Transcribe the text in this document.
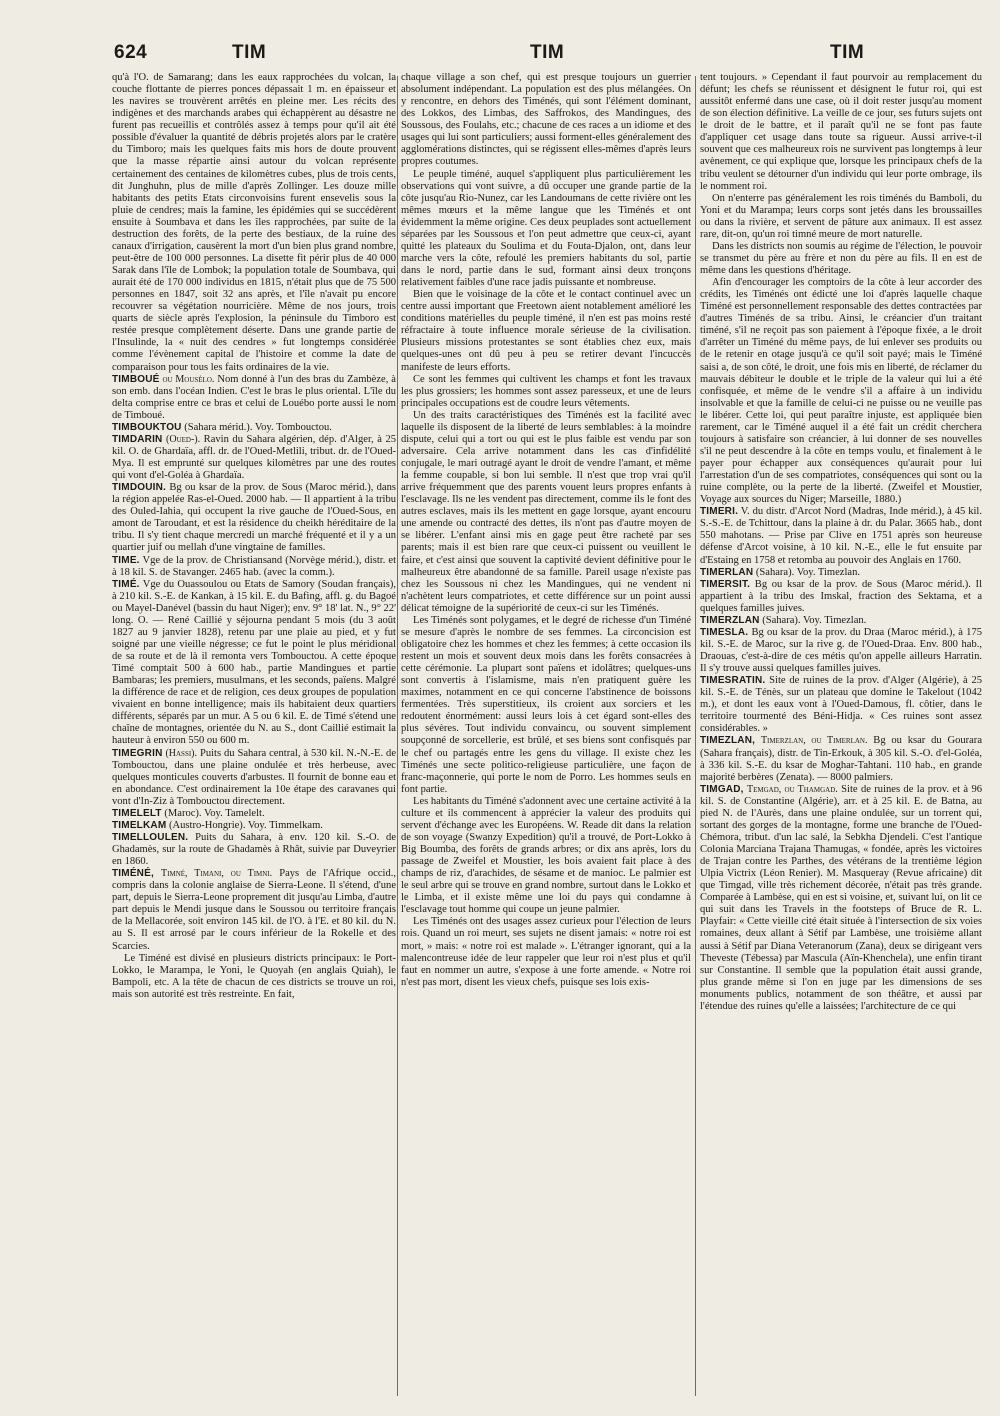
624	TIM	TIM	TIM

qu'à l'O. de Samarang; dans les eaux rapprochées du volcan, la couche flottante de pierres ponces dépassait 1 m. en épaisseur et les navires se trouvèrent arrêtés en pleine mer. Les récits des indigènes et des marchands arabes qui échappèrent au désastre ne furent pas recueillis et contrôlés assez à temps pour qu'il ait été possible d'évaluer la quantité de débris projetés alors par le cratère du Timboro; mais les quelques faits mis hors de doute prouvent que la masse répartie ainsi autour du volcan représente certainement des centaines de kilomètres cubes, plus de trois cents, dit Junghuhn, plus de mille d'après Zollinger. Les douze mille habitants des petits Etats circonvoisins furent ensevelis sous la pluie de cendres; mais la famine, les épidémies qui se succédèrent ensuite à Soumbava et dans les îles rapprochées, par suite de la destruction des forêts, de la perte des bestiaux, de la ruine des canaux d'irrigation, causèrent la mort d'un bien plus grand nombre, peut-être de 100 000 personnes. La disette fit périr plus de 40 000 Sarak dans l'île de Lombok; la population totale de Soumbava, qui aurait été de 170 000 individus en 1815, n'était plus que de 75 500 personnes en 1847, soit 32 ans après, et l'île n'avait pu encore recouvrer sa végétation nourricière. Même de nos jours, trois quarts de siècle après l'explosion, la péninsule du Timboro est restée presque complètement déserte. Dans une grande partie de l'Insulinde, la « nuit des cendres » fut longtemps considérée comme l'évènement capital de l'histoire et comme la date de comparaison pour tous les faits ordinaires de la vie.

TIMBOUÉ ou Mousélo. Nom donné à l'un des bras du Zambèze, à son emb. dans l'océan Indien. C'est le bras le plus oriental. L'île du delta comprise entre ce bras et celui de Louébo porte aussi le nom de Timboué.

TIMBOUKTOU (Sahara mérid.). Voy. Tombouctou.

TIMDARIN (Oued-). Ravin du Sahara algérien, dép. d'Alger, à 25 kil. O. de Ghardaïa, affl. dr. de l'Oued-Metlili, tribut. dr. de l'Oued-Mya. Il est emprunté sur quelques kilomètres par une des routes qui vont d'el-Goléa à Ghardaïa.

TIMDOUIN. Bg ou ksar de la prov. de Sous (Maroc mérid.), dans la région appelée Ras-el-Oued. 2000 hab. — Il appartient à la tribu des Ouled-Iahia, qui occupent la rive gauche de l'Oued-Sous, en amont de Taroudant, et est la résidence du cheikh héréditaire de la tribu. Il s'y tient chaque mercredi un marché fréquenté et il y a un quartier juif ou mellah d'une vingtaine de familles.

TIME. Vge de la prov. de Christiansand (Norvège mérid.), distr. et à 18 kil. S. de Stavanger. 2465 hab. (avec la comm.).

TIMÉ. Vge du Ouassoulou ou Etats de Samory (Soudan français), à 210 kil. S.-E. de Kankan, à 15 kil. E. du Bafing, affl. g. du Bagoé ou Mayel-Danével (bassin du haut Niger); env. 9° 18' lat. N., 9° 22' long. O. — René Caillié y séjourna pendant 5 mois (du 3 août 1827 au 9 janvier 1828), retenu par une plaie au pied, et y fut soigné par une vieille négresse; ce fut le point le plus méridional de sa route et de là il remonta vers Tombouctou. A cette époque Timé comptait 500 à 600 hab., partie Mandingues et partie Bambaras; les premiers, musulmans, et les seconds, païens. Malgré la différence de race et de religion, ces deux groupes de population vivaient en bonne intelligence; mais ils habitaient deux quartiers différents, séparés par un mur. A 5 ou 6 kil. E. de Timé s'étend une chaîne de montagnes, orientée du N. au S., dont Caillié estimait la hauteur à environ 550 ou 600 m.

TIMEGRIN (Hassi). Puits du Sahara central, à 530 kil. N.-N.-E. de Tombouctou, dans une plaine ondulée et très herbeuse, avec quelques monticules couverts d'arbustes. Il fournit de bonne eau et en abondance. C'est ordinairement la 10e étape des caravanes qui vont d'In-Ziz à Tombouctou directement.

TIMELELT (Maroc). Voy. Tamelelt.

TIMELKAM (Austro-Hongrie). Voy. Timmelkam.

TIMELLOULEN. Puits du Sahara, à env. 120 kil. S.-O. de Ghadamès, sur la route de Ghadamès à Rhât, suivie par Duveyrier en 1860.

TIMÉNÉ, Timné, Timani, ou Timni. Pays de l'Afrique occid., compris dans la colonie anglaise de Sierra-Leone. Il s'étend, d'une part, depuis le Sierra-Leone proprement dit jusqu'au Limba, d'autre part depuis le Mendi jusque dans le Soussou ou territoire français de la Mellacorée, soit environ 145 kil. de l'O. à l'E. et 80 kil. du N. au S. Il est arrosé par le cours inférieur de la Rokelle et des Scarcies.

Le Timéné est divisé en plusieurs districts principaux: le Port-Lokko, le Marampa, le Yoni, le Quoyah (en anglais Quiah), le Bampoli, etc. A la tête de chacun de ces districts se trouve un roi, mais son autorité est très restreinte. En fait,

chaque village a son chef, qui est presque toujours un guerrier absolument indépendant. La population est des plus mélangées. On y rencontre, en dehors des Timénés, qui sont l'élément dominant, des Lokkos, des Limbas, des Saffrokos, des Mandingues, des Soussous, des Foulahs, etc.; chacune de ces races a un idiome et des usages qui lui sont particuliers; aussi forment-elles généralement des agglomérations distinctes, qui se régissent elles-mêmes d'après leurs propres coutumes.

Le peuple timéné, auquel s'appliquent plus particulièrement les observations qui vont suivre, a dû occuper une grande partie de la côte jusqu'au Rio-Nunez, car les Landoumans de cette rivière ont les mêmes mœurs et la même langue que les Timénés et ont évidemment la même origine. Ces deux peuplades sont actuellement séparées par les Soussous et l'on peut admettre que ceux-ci, ayant quitté les plateaux du Soulima et du Fouta-Djalon, ont, dans leur marche vers la côte, refoulé les premiers habitants du sol, partie dans le nord, partie dans le sud, formant ainsi deux tronçons relativement faibles d'une race jadis puissante et nombreuse.

Bien que le voisinage de la côte et le contact continuel avec un centre aussi important que Freetown aient notablement amélioré les conditions matérielles du peuple timéné, il n'en est pas moins resté réfractaire à toute influence morale sérieuse de la civilisation. Plusieurs missions protestantes se sont établies chez eux, mais quelques-unes ont dû peu à peu se retirer devant l'incuccès manifeste de leurs efforts.

Ce sont les femmes qui cultivent les champs et font les travaux les plus grossiers; les hommes sont assez paresseux, et une de leurs principales occupations est de coudre leurs vêtements.

Un des traits caractéristiques des Timénés est la facilité avec laquelle ils disposent de la liberté de leurs semblables: à la moindre dispute, celui qui a tort ou qui est le plus faible est vendu par son adversaire. Cela arrive notamment dans les cas d'infidélité conjugale, le mari outragé ayant le droit de vendre l'amant, et même la femme coupable, si bon lui semble. Il n'est que trop vrai qu'il arrive fréquemment que des parents vouent leurs propres enfants à l'esclavage. Ils ne les vendent pas directement, comme ils le font des autres esclaves, mais ils les mettent en gage lorsque, ayant encouru une amende ou contracté des dettes, ils n'ont pas d'autre moyen de se libérer. L'enfant ainsi mis en gage peut être racheté par ses parents; mais il est bien rare que ceux-ci puissent ou veuillent le faire, et c'est ainsi que souvent la captivité devient définitive pour le malheureux être abandonné de sa famille. Pareil usage n'existe pas chez les Soussous ni chez les Mandingues, qui ne vendent ni n'achètent leurs compatriotes, et cette différence sur un point aussi délicat témoigne de la supériorité de ceux-ci sur les Timénés.

Les Timénés sont polygames, et le degré de richesse d'un Timéné se mesure d'après le nombre de ses femmes. La circoncision est obligatoire chez les hommes et chez les femmes; à cette occasion ils restent un mois et souvent deux mois dans les forêts consacrées à cette cérémonie. La plupart sont païens et idolâtres; quelques-uns sont convertis à l'islamisme, mais n'en pratiquent guère les maximes, notamment en ce qui concerne l'abstinence de boissons fermentées. Très superstitieux, ils croient aux sorciers et les redoutent énormément: aussi leurs lois à cet égard sont-elles des plus sévères. Tout individu convaincu, ou souvent simplement soupçonné de sorcellerie, est brûlé, et ses biens sont confisqués par le chef ou partagés entre les gens du village. Il existe chez les Timénés une secte politico-religieuse particulière, une façon de franc-maçonnerie, qui porte le nom de Porro. Les hommes seuls en font partie.

Les habitants du Timéné s'adonnent avec une certaine activité à la culture et ils commencent à apprécier la valeur des produits qui servent d'échange avec les Européens. W. Reade dit dans la relation de son voyage (Swanzy Expedition) qu'il a trouvé, de Port-Lokko à Big Boumba, des forêts de grands arbres; or dix ans après, lors du passage de Zweifel et Moustier, les bois avaient fait place à des champs de riz, d'arachides, de sésame et de manioc. Le palmier est le seul arbre qui se trouve en grand nombre, surtout dans le Lokko et le Limba, et il existe même une loi du pays qui condamne à l'esclavage tout homme qui coupe un jeune palmier.

Les Timénés ont des usages assez curieux pour l'élection de leurs rois. Quand un roi meurt, ses sujets ne disent jamais: « notre roi est mort, » mais: « notre roi est malade ». L'étranger ignorant, qui a la malencontreuse idée de leur rappeler que leur roi n'est plus et qu'il faut en nommer un autre, s'expose à une forte amende. « Notre roi n'est pas mort, disent les vieux chefs, puisque ses lois exis-

tent toujours. » Cependant il faut pourvoir au remplacement du défunt; les chefs se réunissent et désignent le futur roi, qui est aussitôt enfermé dans une case, où il doit rester jusqu'au moment de son élection définitive. La veille de ce jour, ses futurs sujets ont le droit de le battre, et il paraît qu'il ne se font pas faute d'appliquer cet usage dans toute sa rigueur. Aussi arrive-t-il souvent que ces malheureux rois ne survivent pas longtemps à leur avènement, ce qui explique que, lorsque les principaux chefs de la tribu veulent se détourner d'un individu qui leur porte ombrage, ils le nomment roi.

On n'enterre pas généralement les rois timénés du Bamboli, du Yoni et du Marampa; leurs corps sont jetés dans les broussailles ou dans la rivière, et servent de pâture aux animaux. Il est assez rare, dit-on, qu'un roi timné meure de mort naturelle.

Dans les districts non soumis au régime de l'élection, le pouvoir se transmet du père au frère et non du père au fils. Il en est de même dans les questions d'héritage.

Afin d'encourager les comptoirs de la côte à leur accorder des crédits, les Timénés ont édicté une loi d'après laquelle chaque Timéné est personnellement responsable des dettes contractées par d'autres Timénés de sa tribu. Ainsi, le créancier d'un traitant timéné, s'il ne reçoit pas son paiement à l'époque fixée, a le droit d'arrêter un Timéné du même pays, de lui enlever ses produits ou de le retenir en otage jusqu'à ce qu'il soit payé; mais le Timéné saisi a, de son côté, le droit, une fois mis en liberté, de réclamer du mauvais débiteur le double et le triple de la valeur qui lui a été confisquée, et même de le vendre s'il a affaire à un individu insolvable et que la famille de celui-ci ne puisse ou ne veuille pas le libérer. Cette loi, qui peut paraître injuste, est appliquée bien rarement, car le Timéné auquel il a été fait un crédit cherchera toujours à satisfaire son créancier, à lui donner de ses nouvelles s'il ne peut descendre à la côte en temps voulu, et finalement à le payer pour échapper aux conséquences qu'aurait pour lui l'arrestation d'un de ses compatriotes, conséquences qui sont ou la ruine complète, ou la perte de la liberté. (Zweifel et Moustier, Voyage aux sources du Niger; Marseille, 1880.)

TIMERI. V. du distr. d'Arcot Nord (Madras, Inde mérid.), à 45 kil. S.-S.-E. de Tchittour, dans la plaine à dr. du Palar. 3665 hab., dont 550 mahotans. — Prise par Clive en 1751 après son heureuse défense d'Arcot voisine, à 10 kil. N.-E., elle le fut ensuite par d'Estaing en 1758 et retomba au pouvoir des Anglais en 1760.

TIMERLAN (Sahara). Voy. Timezlan.

TIMERSIT. Bg ou ksar de la prov. de Sous (Maroc mérid.). Il appartient à la tribu des Imskal, fraction des Sektama, et a quelques familles juives.

TIMERZLAN (Sahara). Voy. Timezlan.

TIMESLA. Bg ou ksar de la prov. du Draa (Maroc mérid.), à 175 kil. S.-E. de Maroc, sur la rive g. de l'Oued-Draa. Env. 800 hab., Draouas, c'est-à-dire de ces métis qu'on appelle ailleurs Harratin. Il s'y trouve aussi quelques familles juives.

TIMESRATIN. Site de ruines de la prov. d'Alger (Algérie), à 25 kil. S.-E. de Ténès, sur un plateau que domine le Takelout (1042 m.), et dont les eaux vont à l'Oued-Damous, fl. côtier, dans le territoire tourmenté des Béni-Hidja. « Ces ruines sont assez considérables. »

TIMEZLAN, Timerzlan, ou Timerlan. Bg ou ksar du Gourara (Sahara français), distr. de Tin-Erkouk, à 305 kil. S.-O. d'el-Goléa, à 336 kil. S.-E. du ksar de Moghar-Tahtani. 110 hab., en grande majorité berbères (Zenata). — 8000 palmiers.

TIMGAD, Temgad, ou Thamgad. Site de ruines de la prov. et à 96 kil. S. de Constantine (Algérie), arr. et à 25 kil. E. de Batna, au pied N. de l'Aurès, dans une plaine ondulée, sur un torrent qui, sortant des gorges de la montagne, forme une branche de l'Oued-Chémora, tribut. d'un lac salé, la Sebkha Djendeli. C'est l'antique Colonia Marciana Trajana Thamugas, « fondée, après les victoires de Trajan contre les Parthes, des vétérans de la trentième légion Ulpia Victrix (Léon Renier). M. Masqueray (Revue africaine) dit que Timgad, ville très richement décorée, n'était pas très grande. Comparée à Lambèse, qui en est si voisine, et, suivant lui, on lit ce qui suit dans les Travels in the footsteps of Bruce de R. L. Playfair: « Cette vieille cité était située à l'intersection de six voies romaines, deux allant à Sétif par Lambèse, une troisième allant aussi à Sétif par Diana Veteranorum (Zana), deux se dirigeant vers Theveste (Tébessa) par Mascula (Aïn-Khenchela), une enfin tirant sur Constantine. Il semble que la population était aussi grande, plus grande même si l'on en juge par les dimensions de ses monuments publics, notamment de son théâtre, et aussi par l'étendue des ruines qu'elle a laissées; l'architecture de ce qui
